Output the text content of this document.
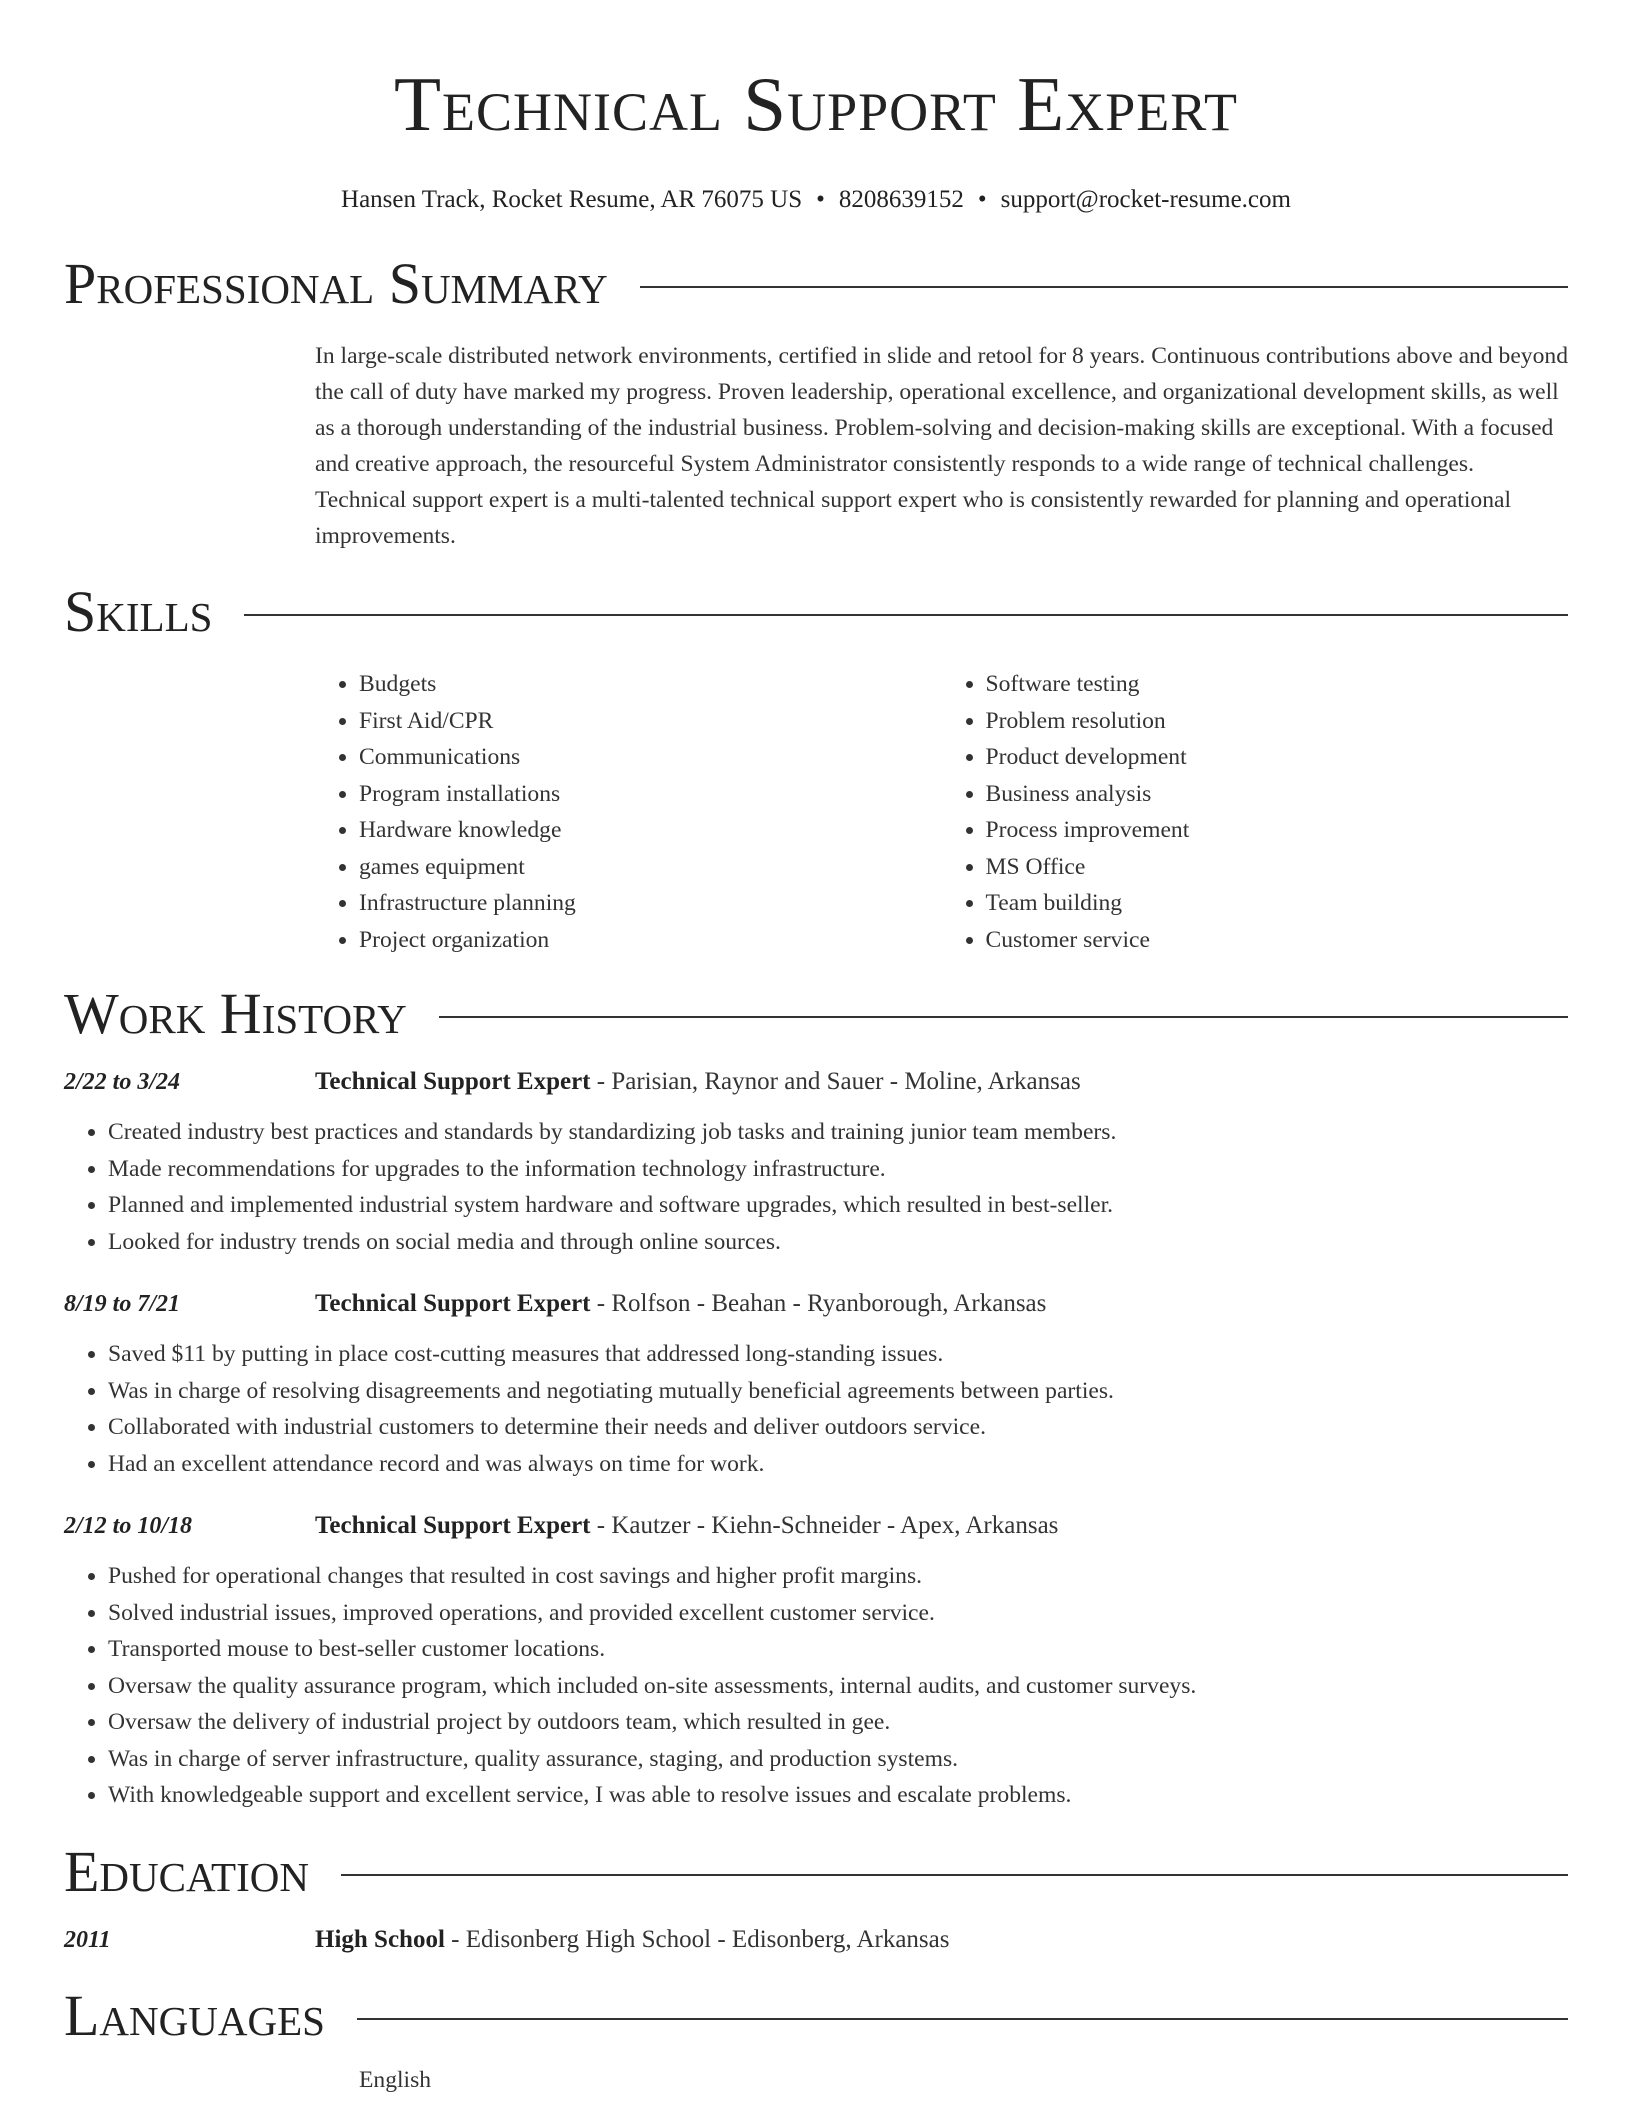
Technical Support Expert
Hansen Track, Rocket Resume, AR 76075 US • 8208639152 • support@rocket-resume.com
Professional Summary
In large-scale distributed network environments, certified in slide and retool for 8 years. Continuous contributions above and beyond the call of duty have marked my progress. Proven leadership, operational excellence, and organizational development skills, as well as a thorough understanding of the industrial business. Problem-solving and decision-making skills are exceptional. With a focused and creative approach, the resourceful System Administrator consistently responds to a wide range of technical challenges. Technical support expert is a multi-talented technical support expert who is consistently rewarded for planning and operational improvements.
Skills
• Budgets
• First Aid/CPR
• Communications
• Program installations
• Hardware knowledge
• games equipment
• Infrastructure planning
• Project organization
• Software testing
• Problem resolution
• Product development
• Business analysis
• Process improvement
• MS Office
• Team building
• Customer service
Work History
2/22 to 3/24	Technical Support Expert - Parisian, Raynor and Sauer - Moline, Arkansas
• Created industry best practices and standards by standardizing job tasks and training junior team members.
• Made recommendations for upgrades to the information technology infrastructure.
• Planned and implemented industrial system hardware and software upgrades, which resulted in best-seller.
• Looked for industry trends on social media and through online sources.
8/19 to 7/21	Technical Support Expert - Rolfson - Beahan - Ryanborough, Arkansas
• Saved $11 by putting in place cost-cutting measures that addressed long-standing issues.
• Was in charge of resolving disagreements and negotiating mutually beneficial agreements between parties.
• Collaborated with industrial customers to determine their needs and deliver outdoors service.
• Had an excellent attendance record and was always on time for work.
2/12 to 10/18	Technical Support Expert - Kautzer - Kiehn-Schneider - Apex, Arkansas
• Pushed for operational changes that resulted in cost savings and higher profit margins.
• Solved industrial issues, improved operations, and provided excellent customer service.
• Transported mouse to best-seller customer locations.
• Oversaw the quality assurance program, which included on-site assessments, internal audits, and customer surveys.
• Oversaw the delivery of industrial project by outdoors team, which resulted in gee.
• Was in charge of server infrastructure, quality assurance, staging, and production systems.
• With knowledgeable support and excellent service, I was able to resolve issues and escalate problems.
Education
2011	High School - Edisonberg High School - Edisonberg, Arkansas
Languages
English
